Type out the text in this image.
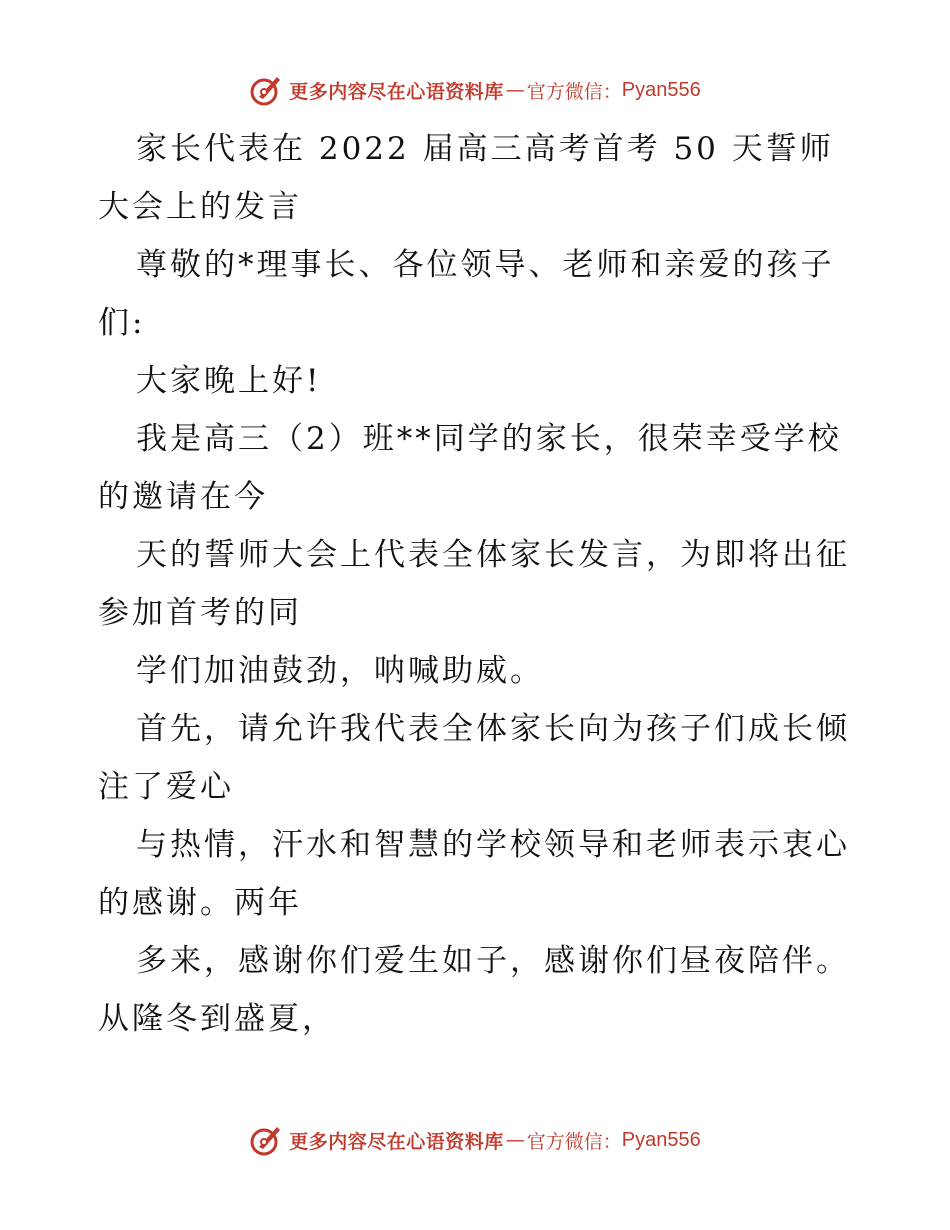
更多内容尽在心语资料库 — 官方微信： Pyan556

家长代表在 2022 届高三高考首考 50 天誓师大会上的发言

尊敬的*理事长、各位领导、老师和亲爱的孩子们:

大家晚上好!

我是高三（2）班**同学的家长，很荣幸受学校的邀请在今

天的誓师大会上代表全体家长发言，为即将出征参加首考的同

学们加油鼓劲，呐喊助威。

首先，请允许我代表全体家长向为孩子们成长倾注了爱心

与热情，汗水和智慧的学校领导和老师表示衷心的感谢。两年

多来，感谢你们爱生如子，感谢你们昼夜陪伴。从隆冬到盛夏，

更多内容尽在心语资料库 — 官方微信： Pyan556
